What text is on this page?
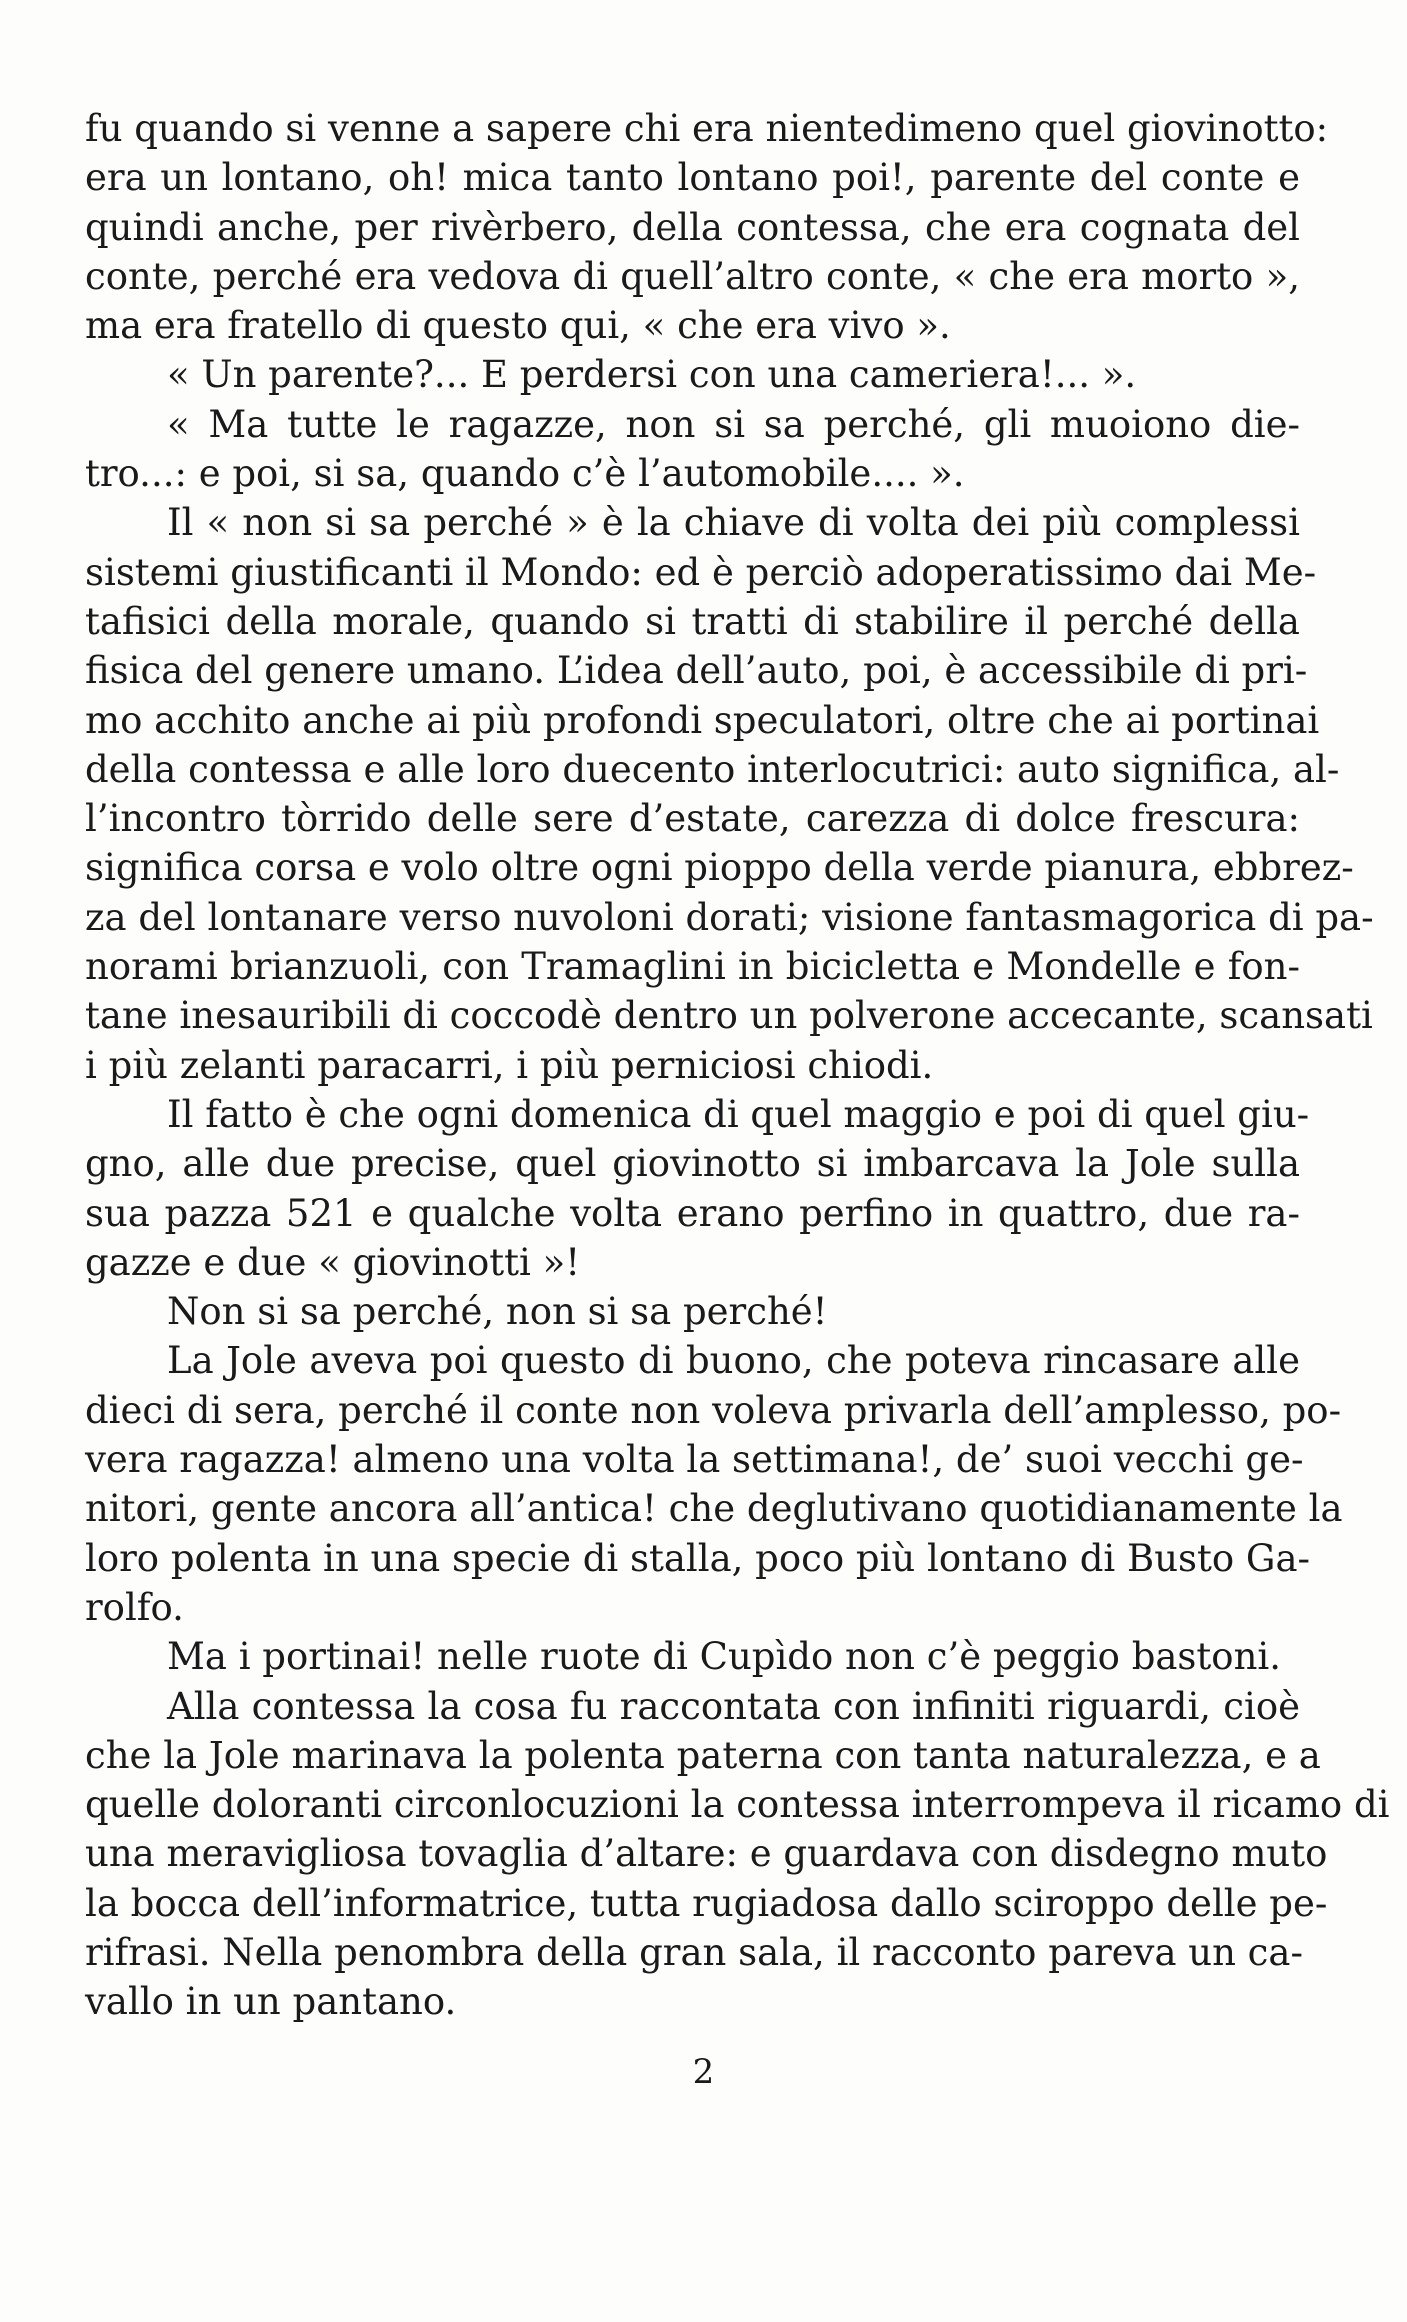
fu quando si venne a sapere chi era nientedimeno quel giovinotto:
era un lontano, oh! mica tanto lontano poi!, parente del conte e
quindi anche, per rivèrbero, della contessa, che era cognata del
conte, perché era vedova di quell’altro conte, « che era morto »,
ma era fratello di questo qui, « che era vivo ».
« Un parente?... E perdersi con una cameriera!... ».
« Ma tutte le ragazze, non si sa perché, gli muoiono die-
tro...: e poi, si sa, quando c’è l’automobile.... ».
Il « non si sa perché » è la chiave di volta dei più complessi
sistemi giustificanti il Mondo: ed è perciò adoperatissimo dai Me-
tafisici della morale, quando si tratti di stabilire il perché della
fisica del genere umano. L’idea dell’auto, poi, è accessibile di pri-
mo acchito anche ai più profondi speculatori, oltre che ai portinai
della contessa e alle loro duecento interlocutrici: auto significa, al-
l’incontro tòrrido delle sere d’estate, carezza di dolce frescura:
significa corsa e volo oltre ogni pioppo della verde pianura, ebbrez-
za del lontanare verso nuvoloni dorati; visione fantasmagorica di pa-
norami brianzuoli, con Tramaglini in bicicletta e Mondelle e fon-
tane inesauribili di coccodè dentro un polverone accecante, scansati
i più zelanti paracarri, i più perniciosi chiodi.
Il fatto è che ogni domenica di quel maggio e poi di quel giu-
gno, alle due precise, quel giovinotto si imbarcava la Jole sulla
sua pazza 521 e qualche volta erano perfino in quattro, due ra-
gazze e due « giovinotti »!
Non si sa perché, non si sa perché!
La Jole aveva poi questo di buono, che poteva rincasare alle
dieci di sera, perché il conte non voleva privarla dell’amplesso, po-
vera ragazza! almeno una volta la settimana!, de’ suoi vecchi ge-
nitori, gente ancora all’antica! che deglutivano quotidianamente la
loro polenta in una specie di stalla, poco più lontano di Busto Ga-
rolfo.
Ma i portinai! nelle ruote di Cupìdo non c’è peggio bastoni.
Alla contessa la cosa fu raccontata con infiniti riguardi, cioè
che la Jole marinava la polenta paterna con tanta naturalezza, e a
quelle doloranti circonlocuzioni la contessa interrompeva il ricamo di
una meravigliosa tovaglia d’altare: e guardava con disdegno muto
la bocca dell’informatrice, tutta rugiadosa dallo sciroppo delle pe-
rifrasi. Nella penombra della gran sala, il racconto pareva un ca-
vallo in un pantano.
2
